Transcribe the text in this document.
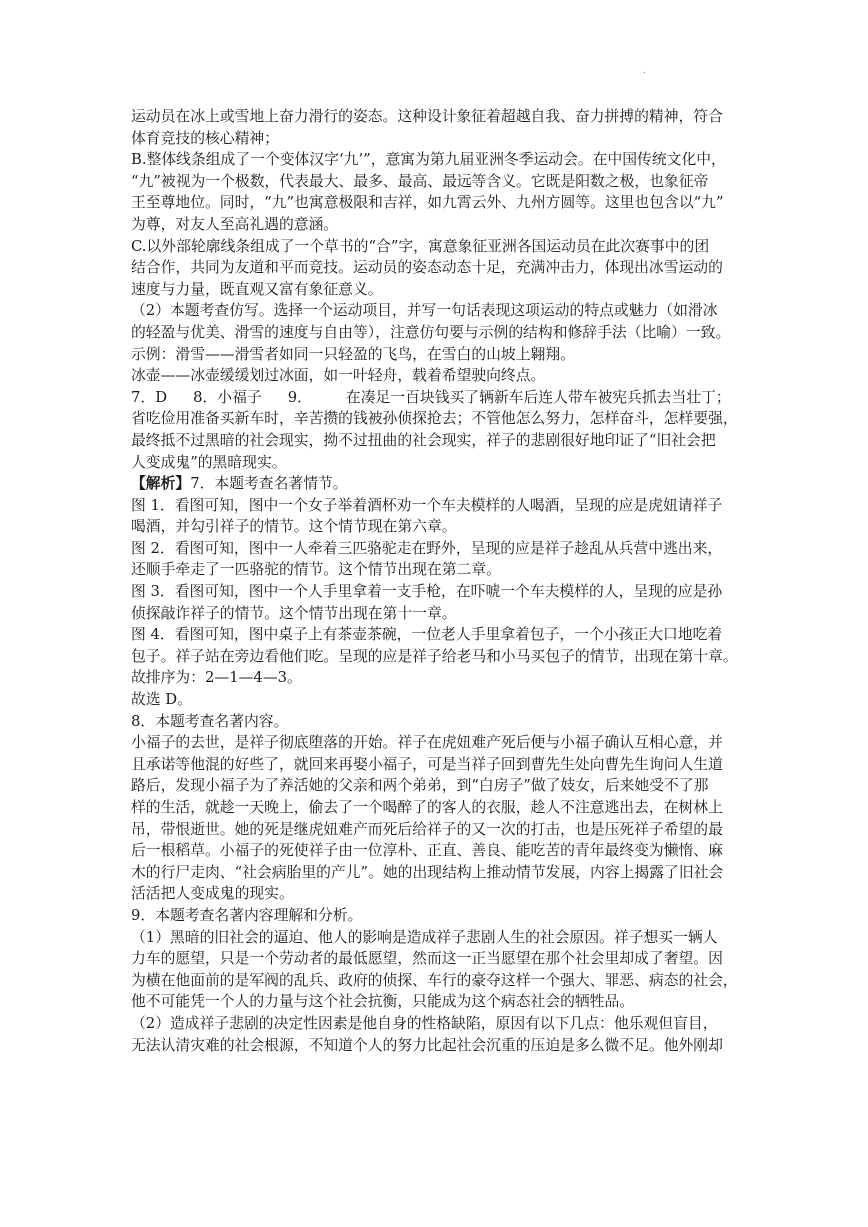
.
运动员在冰上或雪地上奋力滑行的姿态。这种设计象征着超越自我、奋力拼搏的精神，符合
体育竞技的核心精神；
B.整体线条组成了一个变体汉字‘九’”，意寓为第九届亚洲冬季运动会。在中国传统文化中，
“九”被视为一个极数，代表最大、最多、最高、最远等含义。它既是阳数之极，也象征帝
王至尊地位。同时，“九”也寓意极限和吉祥，如九霄云外、九州方圆等。这里也包含以“九”
为尊，对友人至高礼遇的意涵。
C.以外部轮廓线条组成了一个草书的“合”字，寓意象征亚洲各国运动员在此次赛事中的团
结合作，共同为友道和平而竞技。运动员的姿态动态十足，充满冲击力，体现出冰雪运动的
速度与力量，既直观又富有象征意义。
（2）本题考查仿写。选择一个运动项目，并写一句话表现这项运动的特点或魅力（如滑冰
的轻盈与优美、滑雪的速度与自由等），注意仿句要与示例的结构和修辞手法（比喻）一致。
示例：滑雪——滑雪者如同一只轻盈的飞鸟，在雪白的山坡上翱翔。
冰壶——冰壶缓缓划过冰面，如一叶轻舟，载着希望驶向终点。
7．D 8．小福子 9． 在凑足一百块钱买了辆新车后连人带车被宪兵抓去当壮丁；
省吃俭用准备买新车时，辛苦攒的钱被孙侦探抢去；不管他怎么努力，怎样奋斗，怎样要强，
最终抵不过黑暗的社会现实，拗不过扭曲的社会现实，祥子的悲剧很好地印证了“旧社会把
人变成鬼”的黑暗现实。
【解析】7．本题考查名著情节。
图 1．看图可知，图中一个女子举着酒杯劝一个车夫模样的人喝酒，呈现的应是虎妞请祥子
喝酒，并勾引祥子的情节。这个情节现在第六章。
图 2．看图可知，图中一人牵着三匹骆驼走在野外，呈现的应是祥子趁乱从兵营中逃出来，
还顺手牵走了一匹骆驼的情节。这个情节出现在第二章。
图 3．看图可知，图中一个人手里拿着一支手枪，在吓唬一个车夫模样的人，呈现的应是孙
侦探敲诈祥子的情节。这个情节出现在第十一章。
图 4．看图可知，图中桌子上有茶壶茶碗，一位老人手里拿着包子，一个小孩正大口地吃着
包子。祥子站在旁边看他们吃。呈现的应是祥子给老马和小马买包子的情节，出现在第十章。
故排序为：2—1—4—3。
故选 D。
8．本题考查名著内容。
小福子的去世，是祥子彻底堕落的开始。祥子在虎妞难产死后便与小福子确认互相心意，并
且承诺等他混的好些了，就回来再娶小福子，可是当祥子回到曹先生处向曹先生询问人生道
路后，发现小福子为了养活她的父亲和两个弟弟，到“白房子”做了妓女，后来她受不了那
样的生活，就趁一天晚上，偷去了一个喝醉了的客人的衣服，趁人不注意逃出去，在树林上
吊，带恨逝世。她的死是继虎妞难产而死后给祥子的又一次的打击，也是压死祥子希望的最
后一根稻草。小福子的死使祥子由一位淳朴、正直、善良、能吃苦的青年最终变为懒惰、麻
木的行尸走肉、“社会病胎里的产儿”。她的出现结构上推动情节发展，内容上揭露了旧社会
活活把人变成鬼的现实。
9．本题考查名著内容理解和分析。
（1）黑暗的旧社会的逼迫、他人的影响是造成祥子悲剧人生的社会原因。祥子想买一辆人
力车的愿望，只是一个劳动者的最低愿望，然而这一正当愿望在那个社会里却成了奢望。因
为横在他面前的是军阀的乱兵、政府的侦探、车行的豪夺这样一个强大、罪恶、病态的社会，
他不可能凭一个人的力量与这个社会抗衡，只能成为这个病态社会的牺牲品。
（2）造成祥子悲剧的决定性因素是他自身的性格缺陷，原因有以下几点：他乐观但盲目，
无法认清灾难的社会根源，不知道个人的努力比起社会沉重的压迫是多么微不足。他外刚却
